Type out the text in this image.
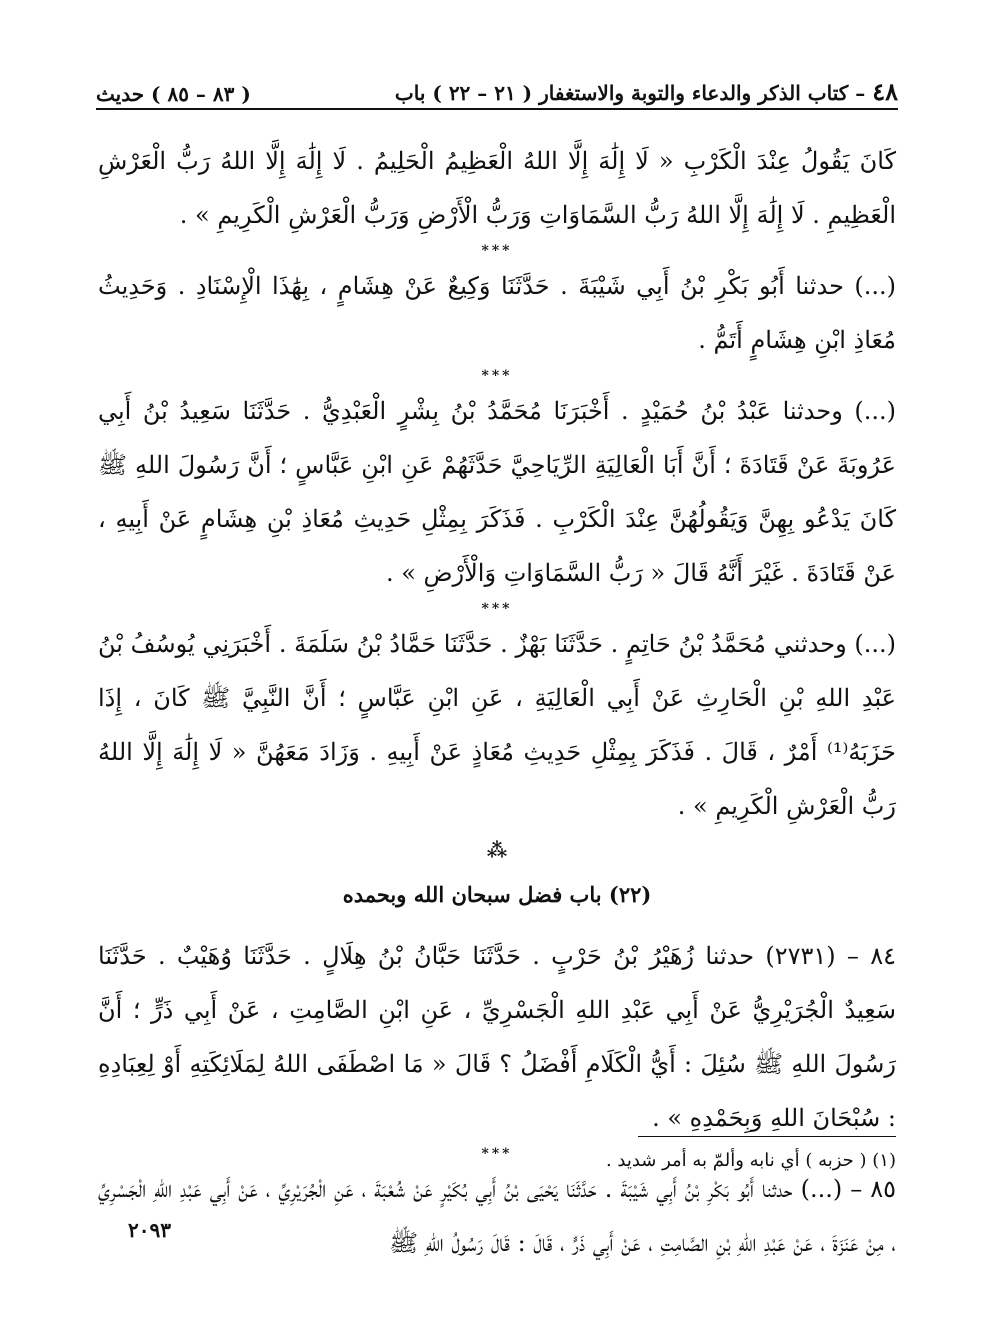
٤٨ – كتاب الذكر والدعاء والتوبة والاستغفار ( ٢١ – ٢٢ ) باب
( ٨٣ – ٨٥ ) حديث

كَانَ يَقُولُ عِنْدَ الْكَرْبِ « لَا إِلَٰهَ إِلَّا اللهُ الْعَظِيمُ الْحَلِيمُ . لَا إِلَٰهَ إِلَّا اللهُ رَبُّ الْعَرْشِ الْعَظِيمِ . لَا إِلَٰهَ إِلَّا اللهُ رَبُّ السَّمَاوَاتِ وَرَبُّ الْأَرْضِ وَرَبُّ الْعَرْشِ الْكَرِيمِ » .

***

(...) حدثنا أَبُو بَكْرِ بْنُ أَبِي شَيْبَةَ . حَدَّثَنَا وَكِيعٌ عَنْ هِشَامٍ ، بِهَٰذَا الْإِسْنَادِ . وَحَدِيثُ مُعَاذِ ابْنِ هِشَامٍ أَتَمُّ .

***

(...) وحدثنا عَبْدُ بْنُ حُمَيْدٍ . أَخْبَرَنَا مُحَمَّدُ بْنُ بِشْرٍ الْعَبْدِيُّ . حَدَّثَنَا سَعِيدُ بْنُ أَبِي عَرُوبَةَ عَنْ قَتَادَةَ ؛ أَنَّ أَبَا الْعَالِيَةِ الرِّيَاحِيَّ حَدَّثَهُمْ عَنِ ابْنِ عَبَّاسٍ ؛ أَنَّ رَسُولَ اللهِ ﷺ كَانَ يَدْعُو بِهِنَّ وَيَقُولُهُنَّ عِنْدَ الْكَرْبِ . فَذَكَرَ بِمِثْلِ حَدِيثِ مُعَاذِ بْنِ هِشَامٍ عَنْ أَبِيهِ ، عَنْ قَتَادَةَ . غَيْرَ أَنَّهُ قَالَ « رَبُّ السَّمَاوَاتِ وَالْأَرْضِ » .

***

(...) وحدثني مُحَمَّدُ بْنُ حَاتِمٍ . حَدَّثَنَا بَهْزٌ . حَدَّثَنَا حَمَّادُ بْنُ سَلَمَةَ . أَخْبَرَنِي يُوسُفُ بْنُ عَبْدِ اللهِ بْنِ الْحَارِثِ عَنْ أَبِي الْعَالِيَةِ ، عَنِ ابْنِ عَبَّاسٍ ؛ أَنَّ النَّبِيَّ ﷺ كَانَ ، إِذَا حَزَبَهُ⁽¹⁾ أَمْرٌ ، قَالَ . فَذَكَرَ بِمِثْلِ حَدِيثِ مُعَاذٍ عَنْ أَبِيهِ . وَزَادَ مَعَهُنَّ « لَا إِلَٰهَ إِلَّا اللهُ رَبُّ الْعَرْشِ الْكَرِيمِ » .

⁂
(٢٢) باب فضل سبحان الله وبحمده

٨٤ – (٢٧٣١) حدثنا زُهَيْرُ بْنُ حَرْبٍ . حَدَّثَنَا حَبَّانُ بْنُ هِلَالٍ . حَدَّثَنَا وُهَيْبٌ . حَدَّثَنَا سَعِيدٌ الْجُرَيْرِيُّ عَنْ أَبِي عَبْدِ اللهِ الْجَسْرِيِّ ، عَنِ ابْنِ الصَّامِتِ ، عَنْ أَبِي ذَرٍّ ؛ أَنَّ رَسُولَ اللهِ ﷺ سُئِلَ : أَيُّ الْكَلَامِ أَفْضَلُ ؟ قَالَ « مَا اصْطَفَى اللهُ لِمَلَائِكَتِهِ أَوْ لِعِبَادِهِ : سُبْحَانَ اللهِ وَبِحَمْدِهِ » .

***

٨٥ – (...) حدثنا أَبُو بَكْرِ بْنُ أَبِي شَيْبَةَ . حَدَّثَنَا يَحْيَى بْنُ أَبِي بُكَيْرٍ عَنْ شُعْبَةَ ، عَنِ الْجُرَيْرِيِّ ، عَنْ أَبِي عَبْدِ اللهِ الْجَسْرِيِّ ، مِنْ عَنَزَةَ ، عَنْ عَبْدِ اللهِ بْنِ الصَّامِتِ ، عَنْ أَبِي ذَرٍّ ، قَالَ : قَالَ رَسُولُ اللهِ ﷺ

(١) ( حزبه ) أي نابه وألمّ به أمر شديد .
٢٠٩٣
